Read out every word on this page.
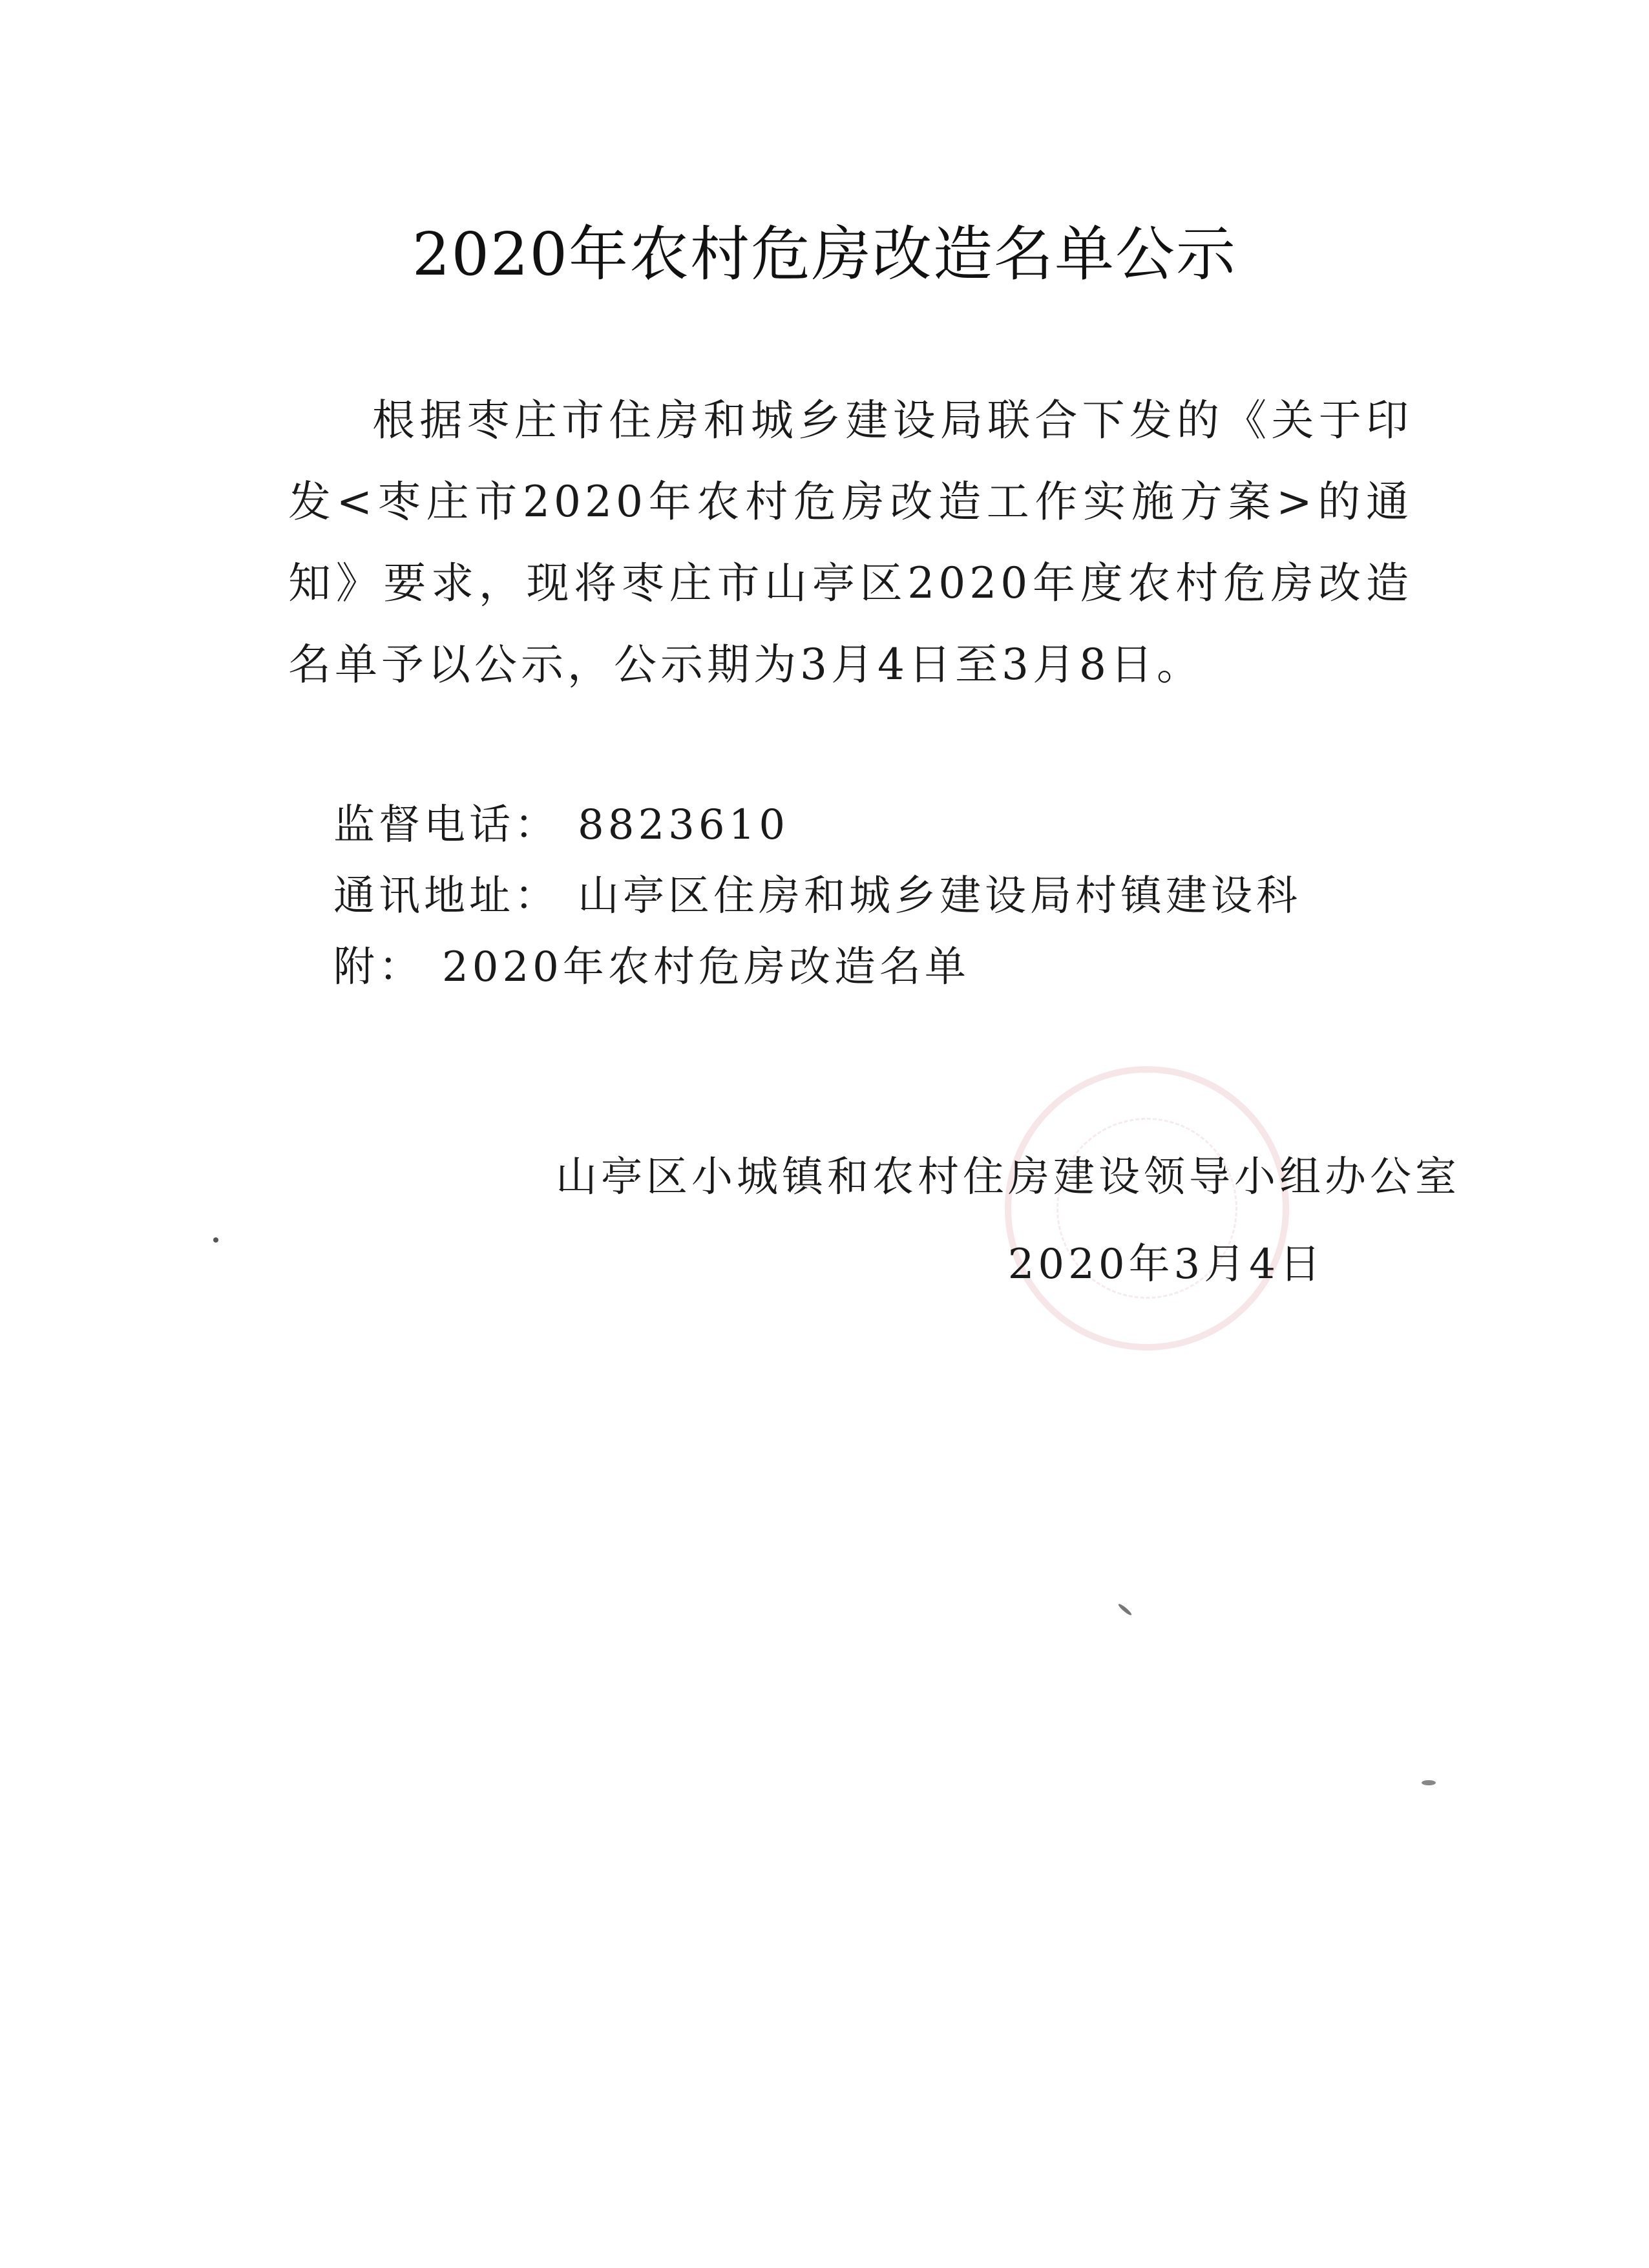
2020年农村危房改造名单公示
根据枣庄市住房和城乡建设局联合下发的《关于印发<枣庄市2020年农村危房改造工作实施方案>的通知》要求，现将枣庄市山亭区2020年度农村危房改造名单予以公示，公示期为3月4日至3月8日。
监督电话： 8823610
通讯地址： 山亭区住房和城乡建设局村镇建设科
附： 2020年农村危房改造名单
山亭区小城镇和农村住房建设领导小组办公室
2020年3月4日
